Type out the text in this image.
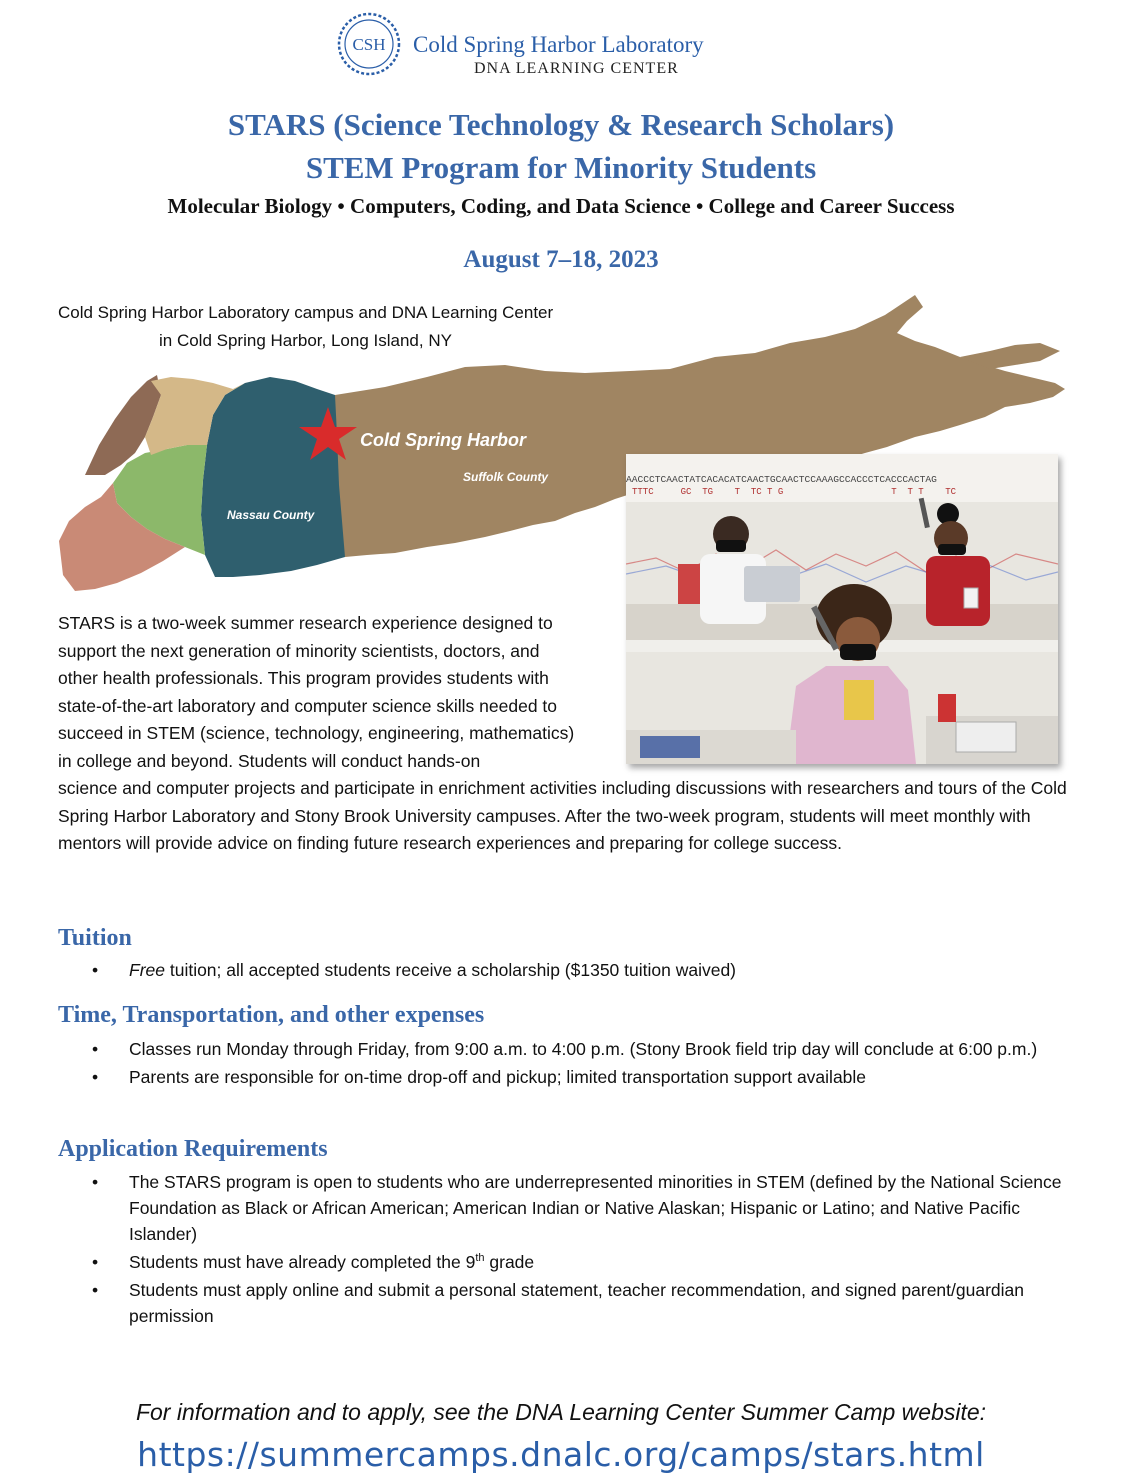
CSH Cold Spring Harbor Laboratory
DNA LEARNING CENTER
STARS (Science Technology & Research Scholars)
STEM Program for Minority Students
Molecular Biology • Computers, Coding, and Data Science • College and Career Success
August 7–18, 2023
Cold Spring Harbor
Suffolk County
Nassau County
Cold Spring Harbor Laboratory campus and DNA Learning Center
in Cold Spring Harbor, Long Island, NY
AACCCTCAACTATCACACATCAACTGCAACTCCAAAGCCACCCTCACCCACTAG
TTTC     GC  TG    T  TC T G                    T  T T    TC
STARS is a two-week summer research experience designed to support the next generation of minority scientists, doctors, and other health professionals. This program provides students with state-of-the-art laboratory and computer science skills needed to succeed in STEM (science, technology, engineering, mathematics) in college and beyond. Students will conduct hands-on
science and computer projects and participate in enrichment activities including discussions with researchers and tours of the Cold Spring Harbor Laboratory and Stony Brook University campuses. After the two-week program, students will meet monthly with mentors will provide advice on finding future research experiences and preparing for college success.
Tuition
• Free tuition; all accepted students receive a scholarship ($1350 tuition waived)
Time, Transportation, and other expenses
• Classes run Monday through Friday, from 9:00 a.m. to 4:00 p.m. (Stony Brook field trip day will conclude at 6:00 p.m.)
• Parents are responsible for on-time drop-off and pickup; limited transportation support available
Application Requirements
• The STARS program is open to students who are underrepresented minorities in STEM (defined by the National Science Foundation as Black or African American; American Indian or Native Alaskan; Hispanic or Latino; and Native Pacific Islander)
• Students must have already completed the 9th grade
• Students must apply online and submit a personal statement, teacher recommendation, and signed parent/guardian permission
For information and to apply, see the DNA Learning Center Summer Camp website:
https://summercamps.dnalc.org/camps/stars.html
